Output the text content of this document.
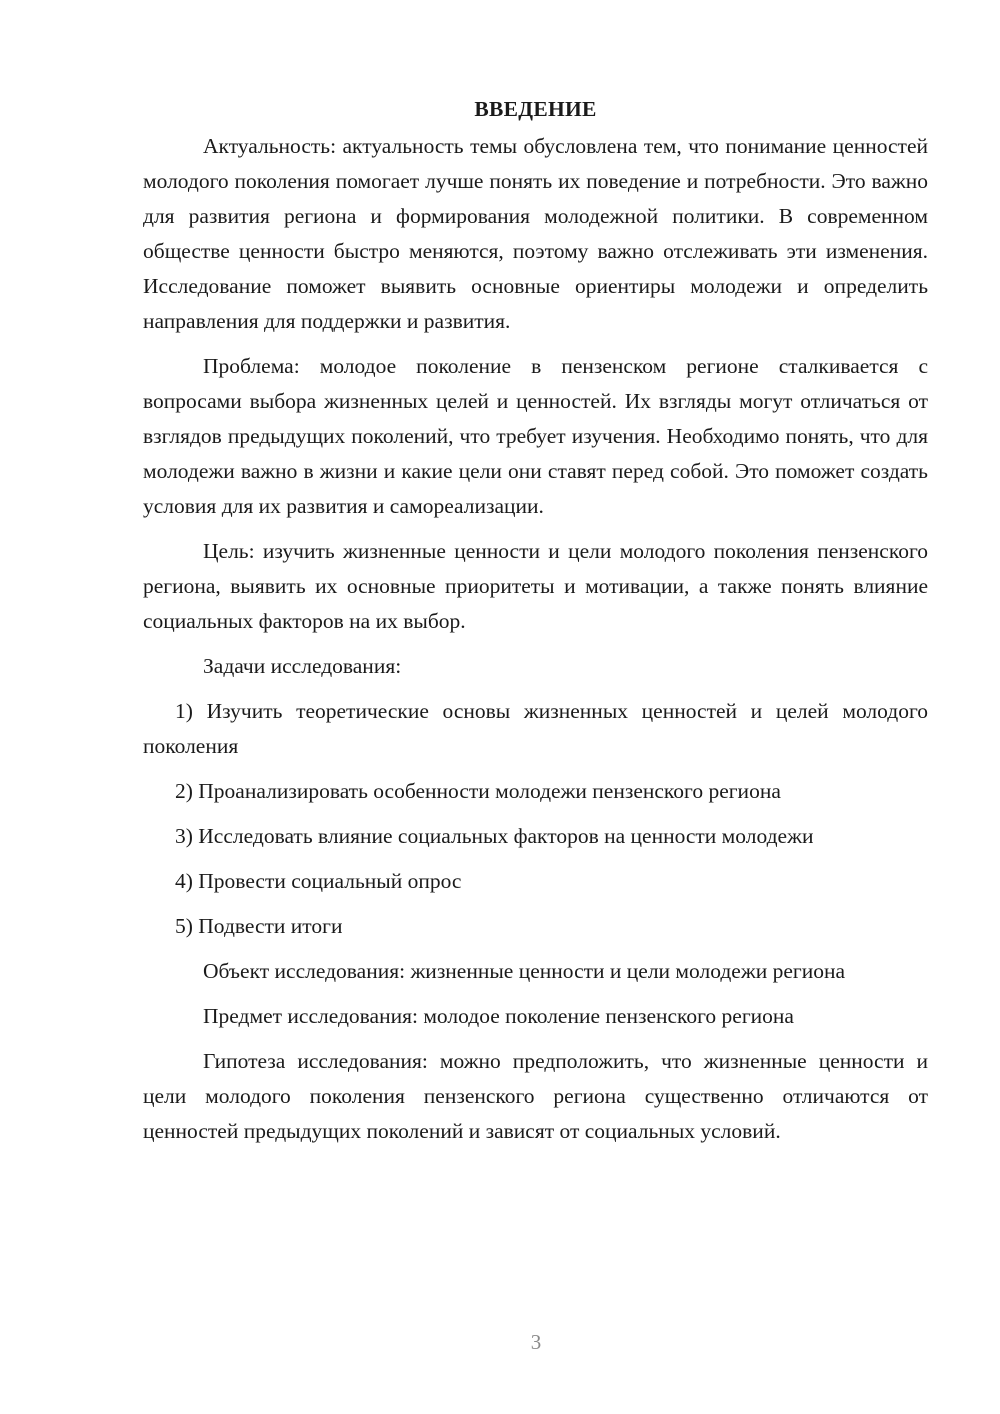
ВВЕДЕНИЕ

Актуальность: актуальность темы обусловлена тем, что понимание ценностей молодого поколения помогает лучше понять их поведение и потребности. Это важно для развития региона и формирования молодежной политики. В современном обществе ценности быстро меняются, поэтому важно отслеживать эти изменения. Исследование поможет выявить основные ориентиры молодежи и определить направления для поддержки и развития.

Проблема: молодое поколение в пензенском регионе сталкивается с вопросами выбора жизненных целей и ценностей. Их взгляды могут отличаться от взглядов предыдущих поколений, что требует изучения. Необходимо понять, что для молодежи важно в жизни и какие цели они ставят перед собой. Это поможет создать условия для их развития и самореализации.

Цель: изучить жизненные ценности и цели молодого поколения пензенского региона, выявить их основные приоритеты и мотивации, а также понять влияние социальных факторов на их выбор.

Задачи исследования:

1) Изучить теоретические основы жизненных ценностей и целей молодого поколения

2) Проанализировать особенности молодежи пензенского региона

3) Исследовать влияние социальных факторов на ценности молодежи

4) Провести социальный опрос

5) Подвести итоги

Объект исследования: жизненные ценности и цели молодежи региона

Предмет исследования: молодое поколение пензенского региона

Гипотеза исследования: можно предположить, что жизненные ценности и цели молодого поколения пензенского региона существенно отличаются от ценностей предыдущих поколений и зависят от социальных условий.

3
